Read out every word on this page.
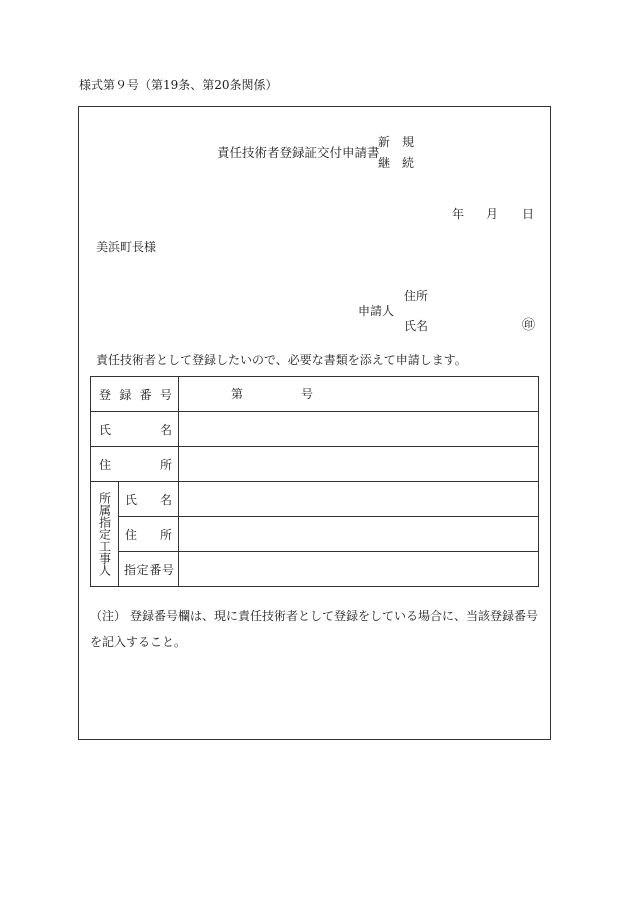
様式第９号（第19条、第20条関係）
責任技術者登録証交付申請書
新　規
継　続
年 月 日
美浜町長様
申請人
住所
氏名	㊞
責任技術者として登録したいので、必要な書類を添えて申請します。
登 録 番 号		第 号

氏 名		

住 所		

所属指定工事人	氏 名	

	住 所	

	指 定 番 号	

（注） 登録番号欄は、現に責任技術者として登録をしている場合に、当該登録番号を記入すること。
